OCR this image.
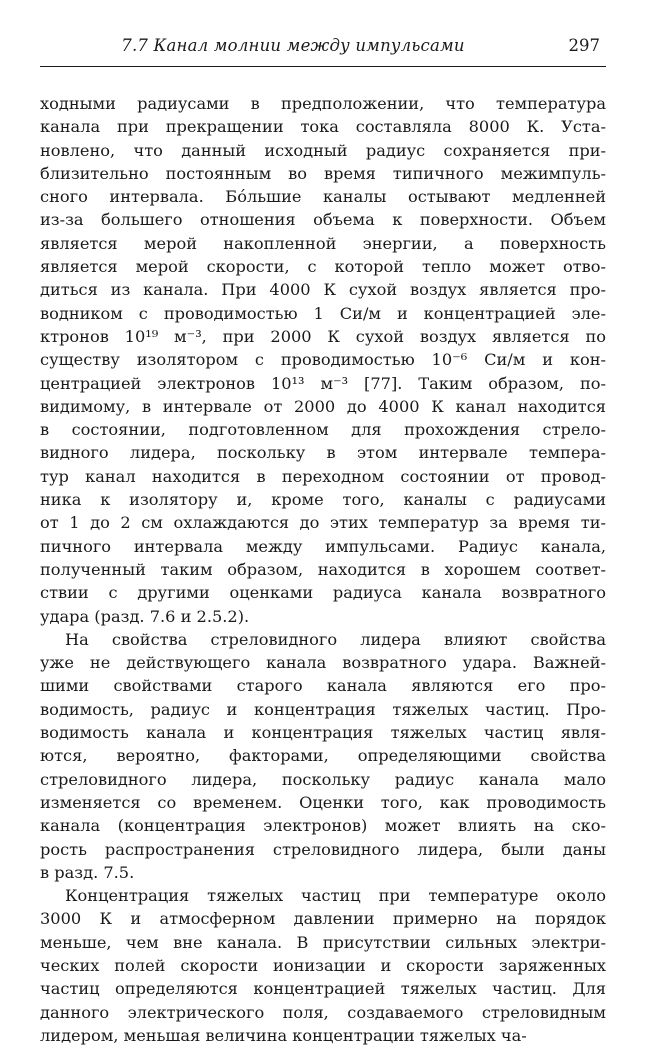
7.7 Канал молнии между импульсами	297
ходными радиусами в предположении, что температура
канала при прекращении тока составляла 8000 К. Уста-
новлено, что данный исходный радиус сохраняется при-
близительно постоянным во время типичного межимпуль-
сного интервала. Бо́льшие каналы остывают медленней
из-за большего отношения объема к поверхности. Объем
является мерой накопленной энергии, а поверхность
является мерой скорости, с которой тепло может отво-
диться из канала. При 4000 К сухой воздух является про-
водником с проводимостью 1 Си/м и концентрацией эле-
ктронов 10¹⁹ м⁻³, при 2000 К сухой воздух является по
существу изолятором с проводимостью 10⁻⁶ Си/м и кон-
центрацией электронов 10¹³ м⁻³ [77]. Таким образом, по-
видимому, в интервале от 2000 до 4000 К канал находится
в состоянии, подготовленном для прохождения стрело-
видного лидера, поскольку в этом интервале темпера-
тур канал находится в переходном состоянии от провод-
ника к изолятору и, кроме того, каналы с радиусами
от 1 до 2 см охлаждаются до этих температур за время ти-
пичного интервала между импульсами. Радиус канала,
полученный таким образом, находится в хорошем соответ-
ствии с другими оценками радиуса канала возвратного
удара (разд. 7.6 и 2.5.2).
На свойства стреловидного лидера влияют свойства
уже не действующего канала возвратного удара. Важней-
шими свойствами старого канала являются его про-
водимость, радиус и концентрация тяжелых частиц. Про-
водимость канала и концентрация тяжелых частиц явля-
ются, вероятно, факторами, определяющими свойства
стреловидного лидера, поскольку радиус канала мало
изменяется со временем. Оценки того, как проводимость
канала (концентрация электронов) может влиять на ско-
рость распространения стреловидного лидера, были даны
в разд. 7.5.
Концентрация тяжелых частиц при температуре около
3000 К и атмосферном давлении примерно на порядок
меньше, чем вне канала. В присутствии сильных электри-
ческих полей скорости ионизации и скорости заряженных
частиц определяются концентрацией тяжелых частиц. Для
данного электрического поля, создаваемого стреловидным
лидером, меньшая величина концентрации тяжелых ча-
